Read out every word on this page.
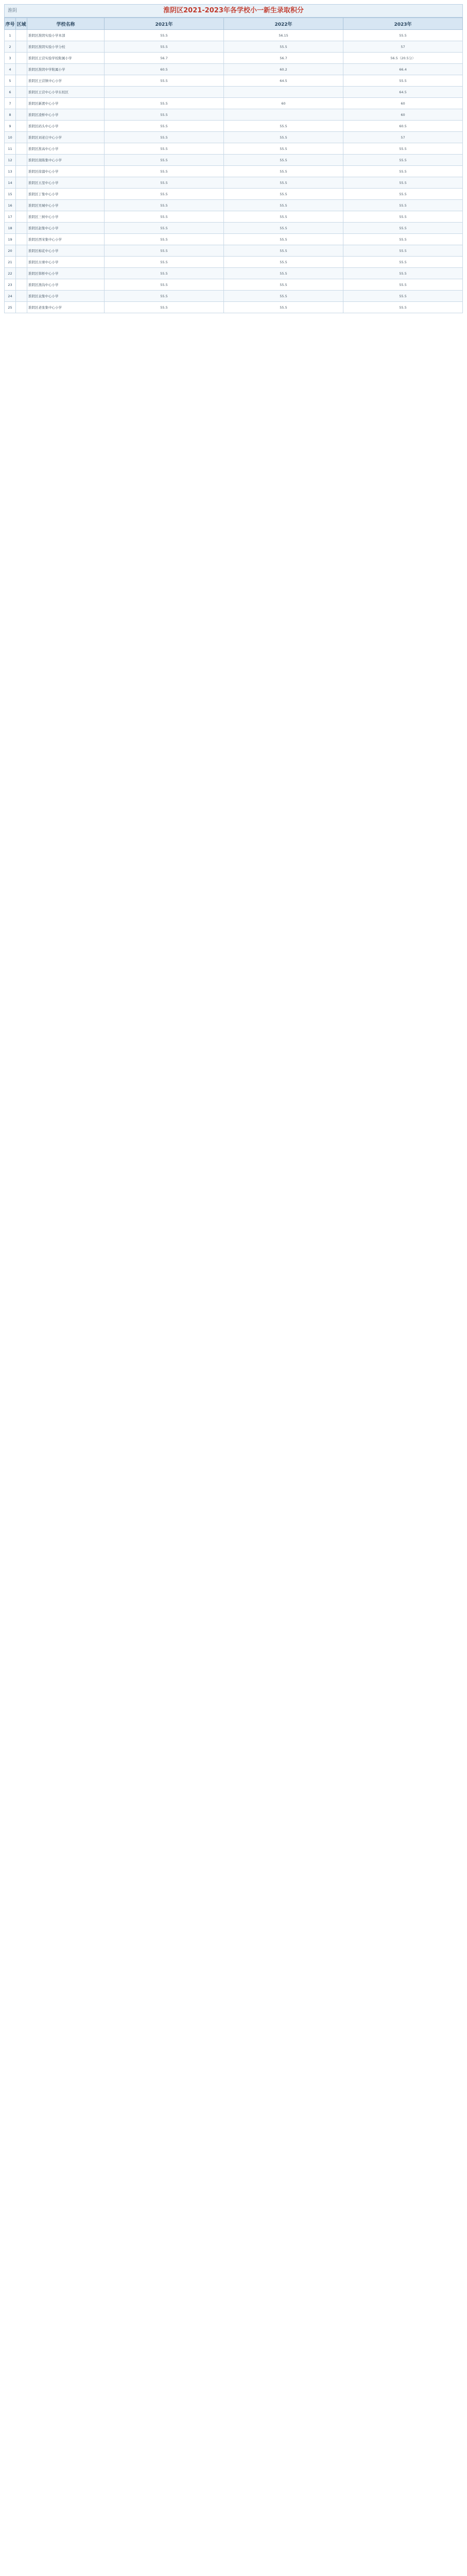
淮阴	淮阴区2021-2023年各学校小一新生录取积分
序号	区域	学校名称	2021年	2022年	2023年
1		淮阴区淮阴实验小学本部	55.5	56.15	55.5
2		淮阴区淮阴实验小学分校	55.5	55.5	57
3		淮阴区王营实验学校附属小学	56.7	56.7	56.5（20.5分）
4		淮阴区淮阴中学附属小学	60.5	60.2	66.4
5		淮阴区王营镇中心小学	55.5	64.5	55.5
6		淮阴区王营中心小学东校区			64.5
7		淮阴区新渡中心小学	55.5	60	60
8		淮阴区凌桥中心小学	55.5		60
9		淮阴区码头中心小学	55.5	55.5	60.5
10		淮阴区刘老庄中心小学	55.5	55.5	57
11		淮阴区淮高中心小学	55.5	55.5	55.5
12		淮阴区南陈集中心小学	55.5	55.5	55.5
13		淮阴区徐溜中心小学	55.5	55.5	55.5
14		淮阴区五里中心小学	55.5	55.5	55.5
15		淮阴区丁集中心小学	55.5	55.5	55.5
16		淮阴区吴城中心小学	55.5	55.5	55.5
17		淮阴区三树中心小学	55.5	55.5	55.5
18		淮阴区赵集中心小学	55.5	55.5	55.5
19		淮阴区西宋集中心小学	55.5	55.5	55.5
20		淮阴区棉花中心小学	55.5	55.5	55.5
21		淮阴区古寨中心小学	55.5	55.5	55.5
22		淮阴区韩桥中心小学	55.5	55.5	55.5
23		淮阴区渔沟中心小学	55.5	55.5	55.5
24		淮阴区袁集中心小学	55.5	55.5	55.5
25		淮阴区老张集中心小学	55.5	55.5	55.5
